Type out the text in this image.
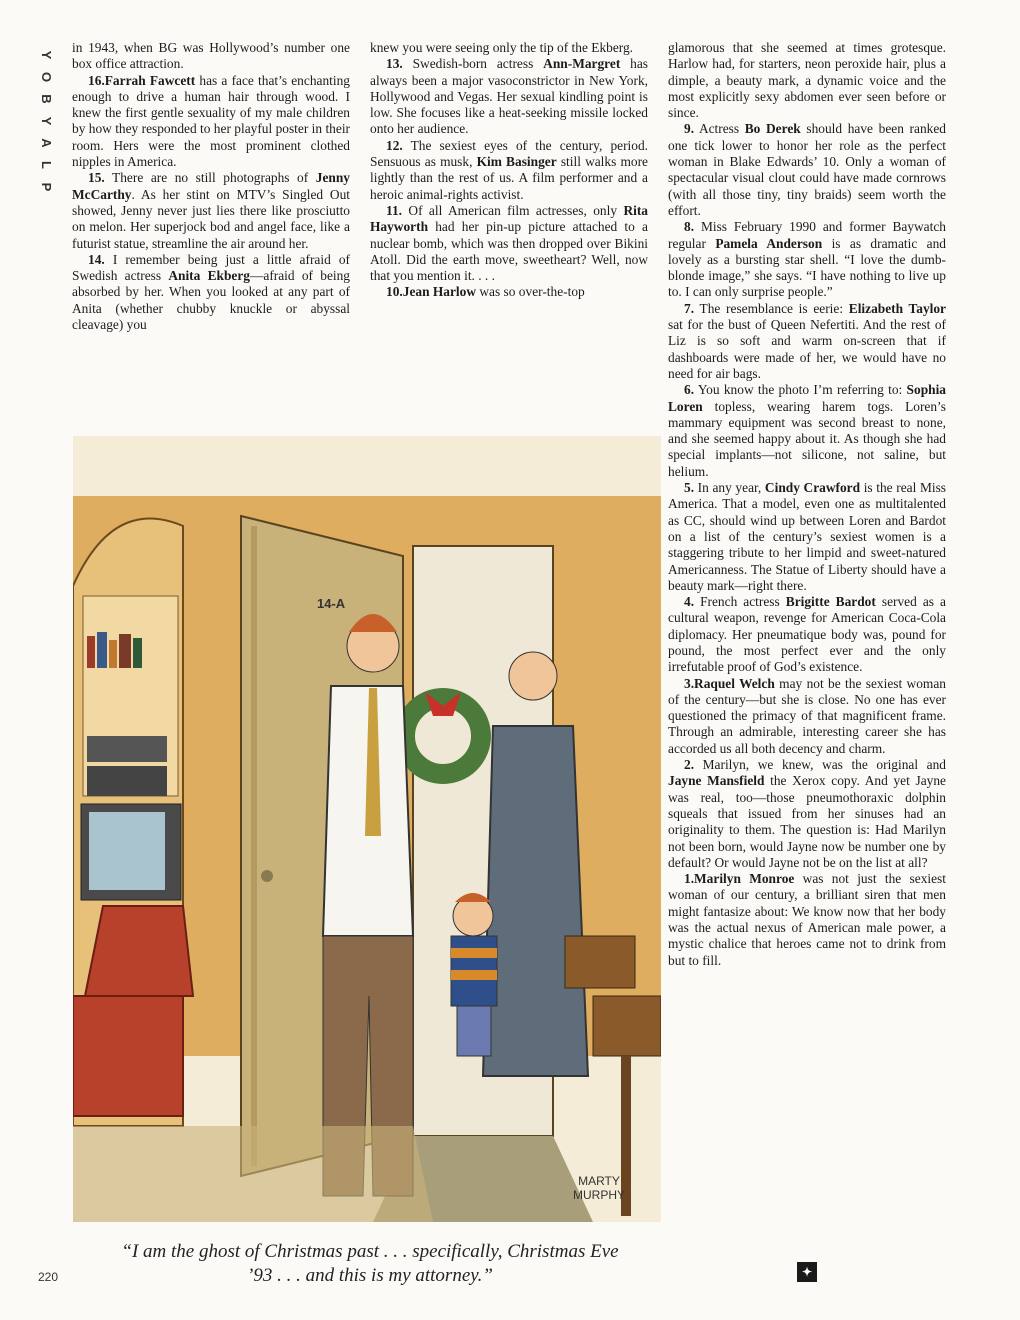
Y
O
B
Y
A
L
P

in 1943, when BG was Hollywood’s number one box office attraction.

16.Farrah Fawcett has a face that’s enchanting enough to drive a human hair through wood. I knew the first gentle sexuality of my male children by how they responded to her playful poster in their room. Hers were the most prominent clothed nipples in America.

15. There are no still photographs of Jenny McCarthy. As her stint on MTV’s Singled Out showed, Jenny never just lies there like prosciutto on melon. Her superjock bod and angel face, like a futurist statue, streamline the air around her.

14. I remember being just a little afraid of Swedish actress Anita Ekberg—afraid of being absorbed by her. When you looked at any part of Anita (whether chubby knuckle or abyssal cleavage) you

knew you were seeing only the tip of the Ekberg.

13. Swedish-born actress Ann-Margret has always been a major vasoconstrictor in New York, Hollywood and Vegas. Her sexual kindling point is low. She focuses like a heat-seeking missile locked onto her audience.

12. The sexiest eyes of the century, period. Sensuous as musk, Kim Basinger still walks more lightly than the rest of us. A film performer and a heroic animal-rights activist.

11. Of all American film actresses, only Rita Hayworth had her pin-up picture attached to a nuclear bomb, which was then dropped over Bikini Atoll. Did the earth move, sweetheart? Well, now that you mention it. . . .

10.Jean Harlow was so over-the-top

glamorous that she seemed at times grotesque. Harlow had, for starters, neon peroxide hair, plus a dimple, a beauty mark, a dynamic voice and the most explicitly sexy abdomen ever seen before or since.

9. Actress Bo Derek should have been ranked one tick lower to honor her role as the perfect woman in Blake Edwards’ 10. Only a woman of spectacular visual clout could have made cornrows (with all those tiny, tiny braids) seem worth the effort.

8. Miss February 1990 and former Baywatch regular Pamela Anderson is as dramatic and lovely as a bursting star shell. “I love the dumb-blonde image,” she says. “I have nothing to live up to. I can only surprise people.”

7. The resemblance is eerie: Elizabeth Taylor sat for the bust of Queen Nefertiti. And the rest of Liz is so soft and warm on-screen that if dashboards were made of her, we would have no need for air bags.

6. You know the photo I’m referring to: Sophia Loren topless, wearing harem togs. Loren’s mammary equipment was second breast to none, and she seemed happy about it. As though she had special implants—not silicone, not saline, but helium.

5. In any year, Cindy Crawford is the real Miss America. That a model, even one as multitalented as CC, should wind up between Loren and Bardot on a list of the century’s sexiest women is a staggering tribute to her limpid and sweet-natured Americanness. The Statue of Liberty should have a beauty mark—right there.

4. French actress Brigitte Bardot served as a cultural weapon, revenge for American Coca-Cola diplomacy. Her pneumatique body was, pound for pound, the most perfect ever and the only irrefutable proof of God’s existence.

3.Raquel Welch may not be the sexiest woman of the century—but she is close. No one has ever questioned the primacy of that magnificent frame. Through an admirable, interesting career she has accorded us all both decency and charm.

2. Marilyn, we knew, was the original and Jayne Mansfield the Xerox copy. And yet Jayne was real, too—those pneumothoraxic dolphin squeals that issued from her sinuses had an originality to them. The question is: Had Marilyn not been born, would Jayne now be number one by default? Or would Jayne not be on the list at all?

1.Marilyn Monroe was not just the sexiest woman of our century, a brilliant siren that men might fantasize about: We know now that her body was the actual nexus of American male power, a mystic chalice that heroes came not to drink from but to fill.

14-A
MARTY
MURPHY
“I am the ghost of Christmas past . . . specifically, Christmas Eve ’93 . . . and this is my attorney.”
220	✦
